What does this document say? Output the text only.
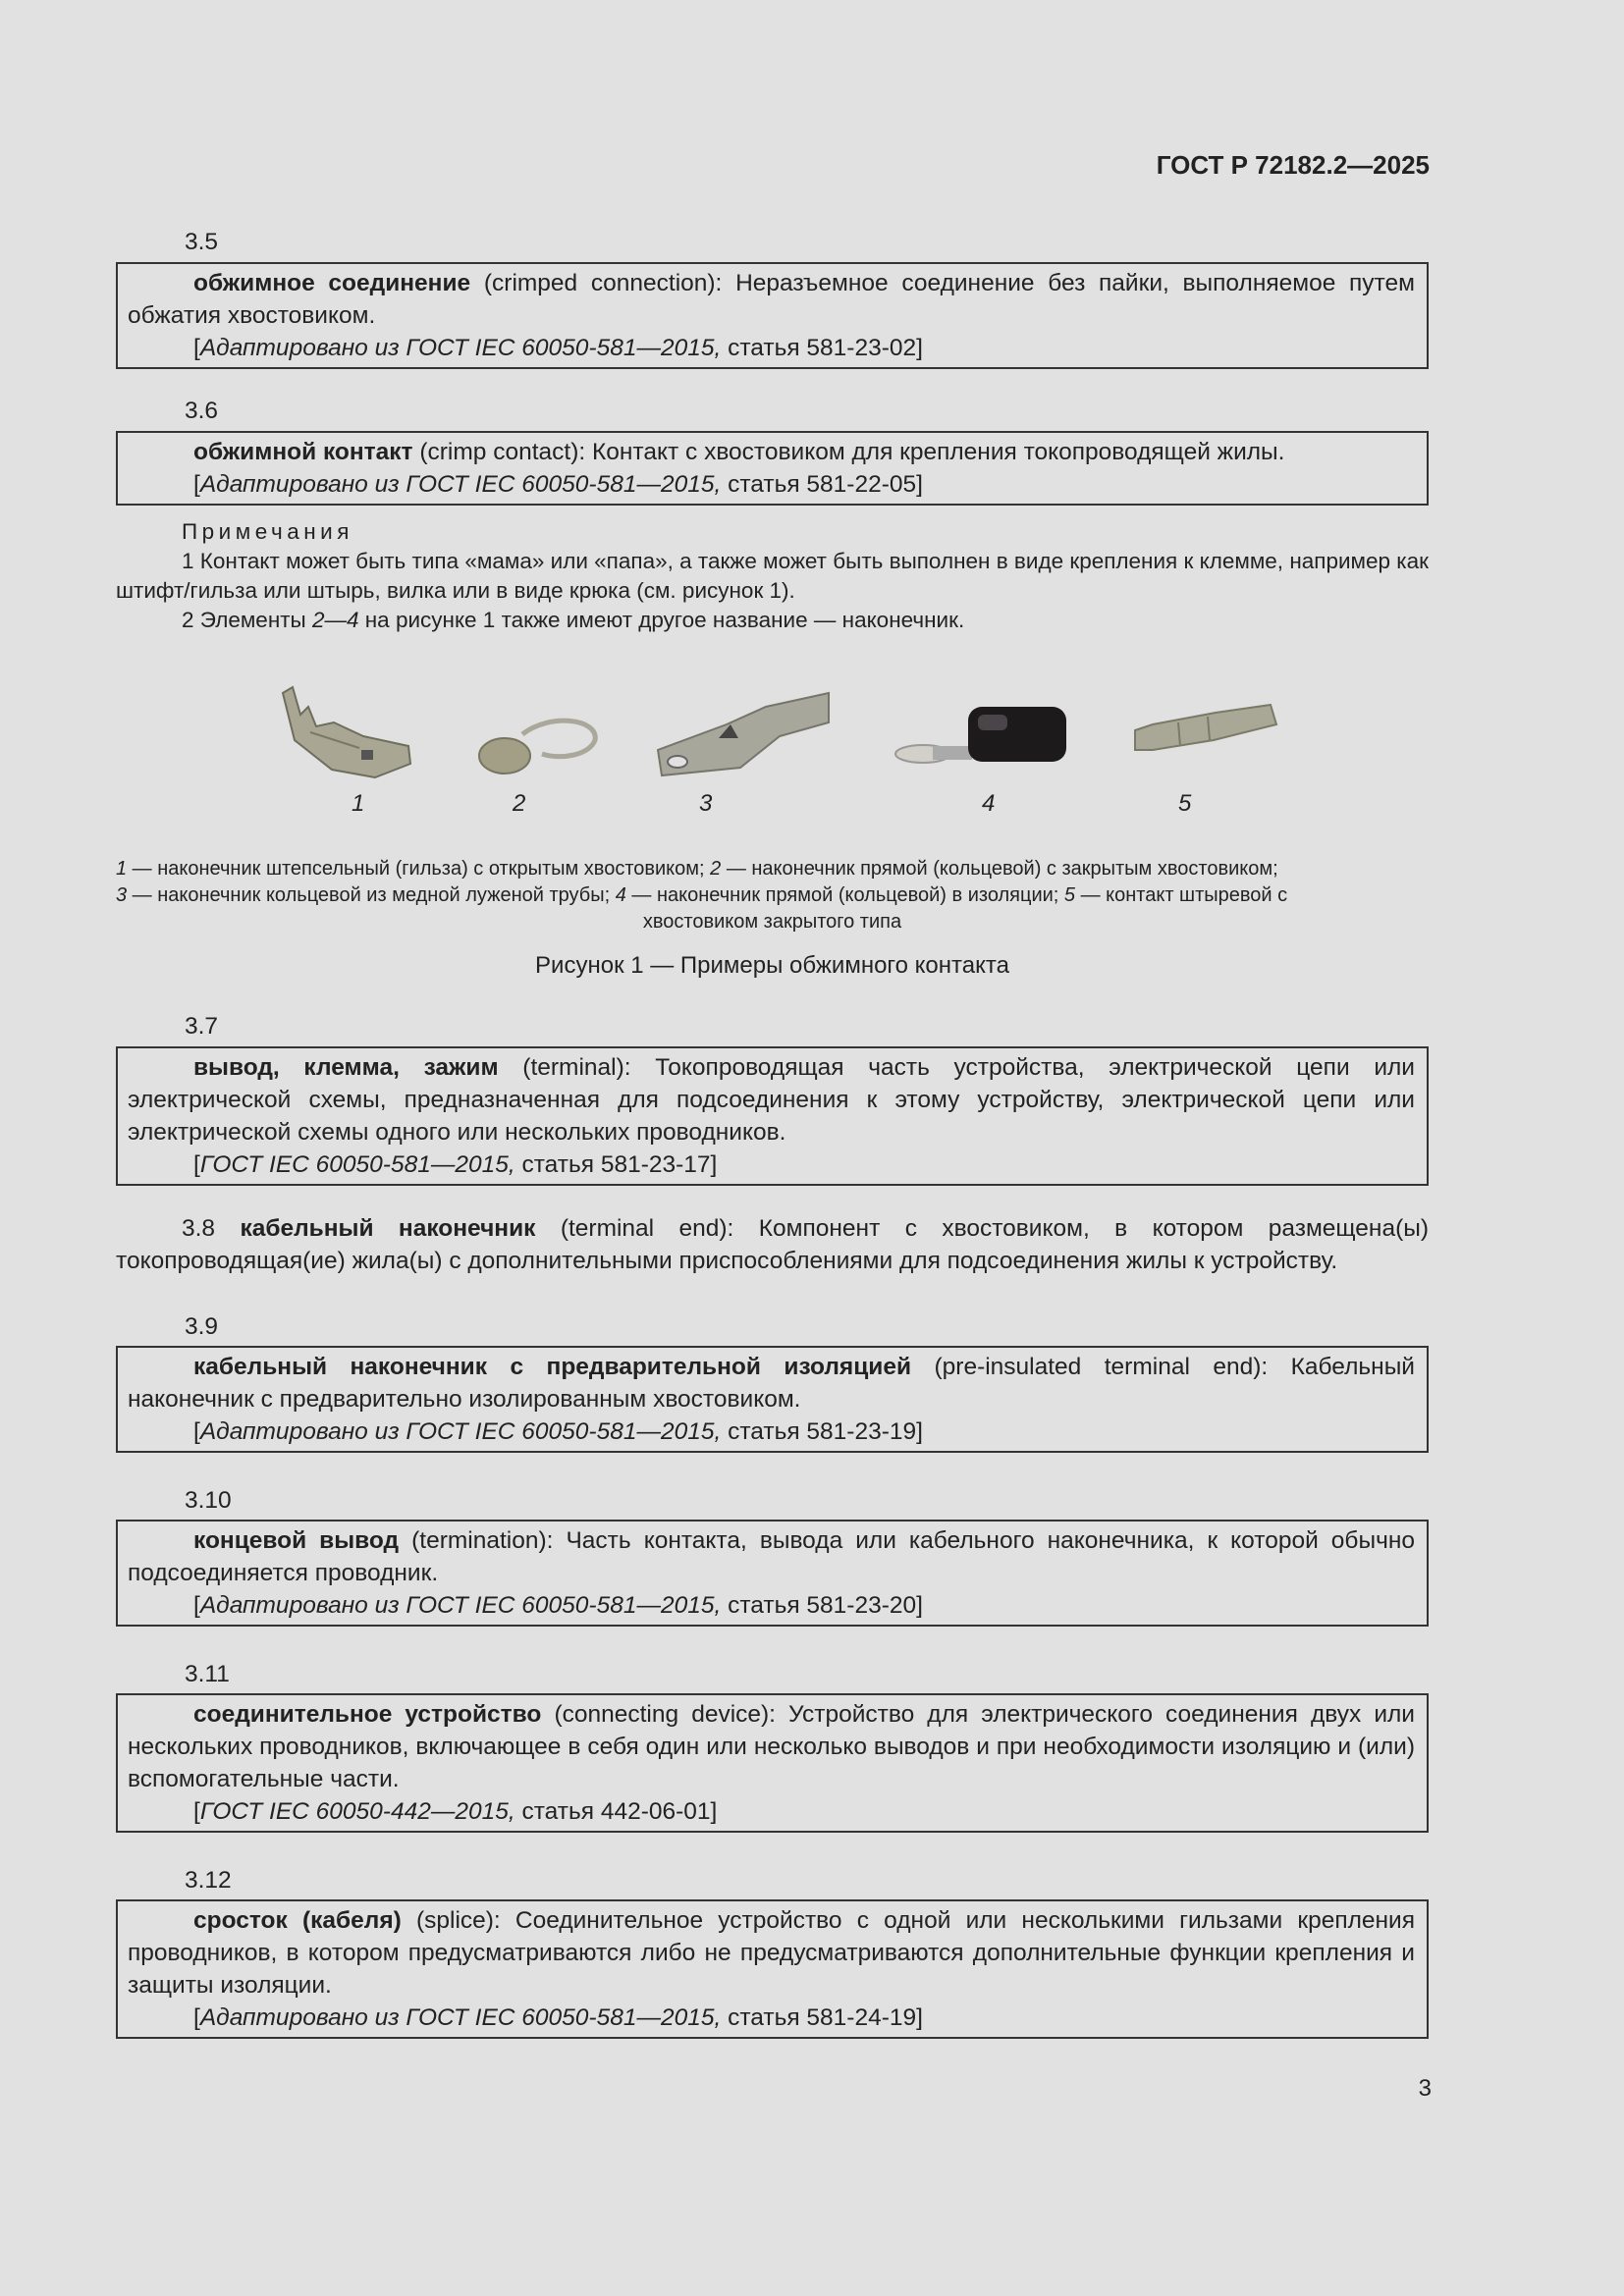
ГОСТ Р 72182.2—2025
3.5

обжимное соединение (crimped connection): Неразъемное соединение без пайки, выполняемое путем обжатия хвостовиком.

[Адаптировано из ГОСТ IEC 60050-581—2015, статья 581-23-02]

3.6

обжимной контакт (crimp contact): Контакт с хвостовиком для крепления токопроводящей жилы.

[Адаптировано из ГОСТ IEC 60050-581—2015, статья 581-22-05]

Примечания

1 Контакт может быть типа «мама» или «папа», а также может быть выполнен в виде крепления к клемме, например как штифт/гильза или штырь, вилка или в виде крюка (см. рисунок 1).

2 Элементы 2—4 на рисунке 1 также имеют другое название — наконечник.

1	2	3	4	5

1 — наконечник штепсельный (гильза) с открытым хвостовиком; 2 — наконечник прямой (кольцевой) с закрытым хвостовиком;

3 — наконечник кольцевой из медной луженой трубы; 4 — наконечник прямой (кольцевой) в изоляции; 5 — контакт штыревой с

хвостовиком закрытого типа

Рисунок 1 — Примеры обжимного контакта
3.7

вывод, клемма, зажим (terminal): Токопроводящая часть устройства, электрической цепи или электрической схемы, предназначенная для подсоединения к этому устройству, электрической цепи или электрической схемы одного или нескольких проводников.

[ГОСТ IEC 60050-581—2015, статья 581-23-17]

3.8 кабельный наконечник (terminal end): Компонент с хвостовиком, в котором размещена(ы) токопроводящая(ие) жила(ы) с дополнительными приспособлениями для подсоединения жилы к устройству.

3.9

кабельный наконечник с предварительной изоляцией (pre-insulated terminal end): Кабельный наконечник с предварительно изолированным хвостовиком.

[Адаптировано из ГОСТ IEC 60050-581—2015, статья 581-23-19]

3.10

концевой вывод (termination): Часть контакта, вывода или кабельного наконечника, к которой обычно подсоединяется проводник.

[Адаптировано из ГОСТ IEC 60050-581—2015, статья 581-23-20]

3.11

соединительное устройство (connecting device): Устройство для электрического соединения двух или нескольких проводников, включающее в себя один или несколько выводов и при необходимости изоляцию и (или) вспомогательные части.

[ГОСТ IEC 60050-442—2015, статья 442-06-01]

3.12

сросток (кабеля) (splice): Соединительное устройство с одной или несколькими гильзами крепления проводников, в котором предусматриваются либо не предусматриваются дополнительные функции крепления и защиты изоляции.

[Адаптировано из ГОСТ IEC 60050-581—2015, статья 581-24-19]

3
